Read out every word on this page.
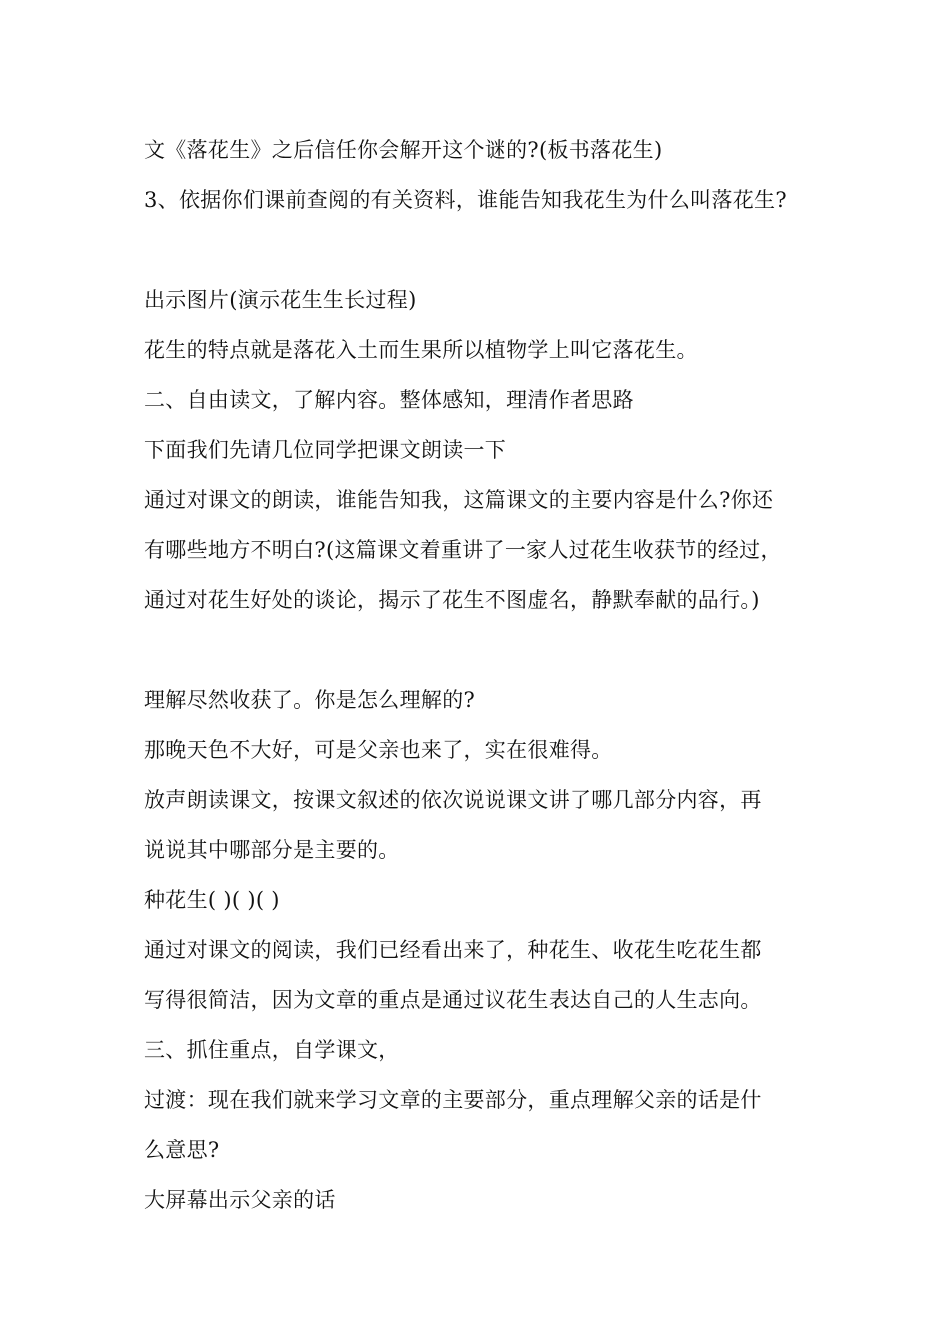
文《落花生》之后信任你会解开这个谜的?(板书落花生)

3、依据你们课前查阅的有关资料，谁能告知我花生为什么叫落花生?

出示图片(演示花生生长过程)

花生的特点就是落花入土而生果所以植物学上叫它落花生。

二、自由读文，了解内容。整体感知，理清作者思路

下面我们先请几位同学把课文朗读一下

通过对课文的朗读，谁能告知我，这篇课文的主要内容是什么?你还

有哪些地方不明白?(这篇课文着重讲了一家人过花生收获节的经过，

通过对花生好处的谈论，揭示了花生不图虚名，静默奉献的品行。)

理解尽然收获了。你是怎么理解的?

那晚天色不大好，可是父亲也来了，实在很难得。

放声朗读课文，按课文叙述的依次说说课文讲了哪几部分内容，再

说说其中哪部分是主要的。

种花生( )( )( )

通过对课文的阅读，我们已经看出来了，种花生、收花生吃花生都

写得很简洁，因为文章的重点是通过议花生表达自己的人生志向。

三、抓住重点，自学课文，

过渡：现在我们就来学习文章的主要部分，重点理解父亲的话是什

么意思?

大屏幕出示父亲的话
